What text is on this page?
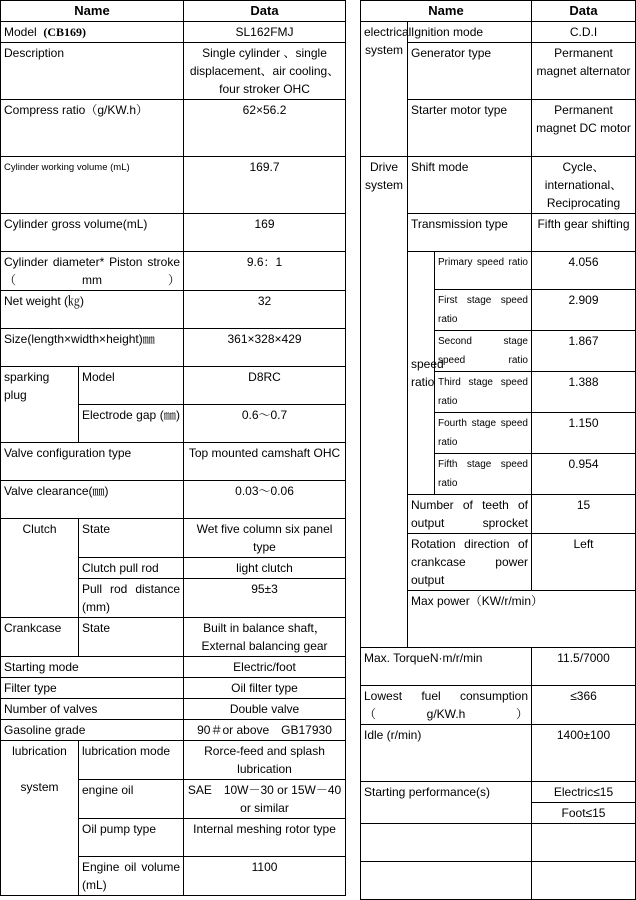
Name		Data
Model (CB169)		SL162FMJ
Description		Single cylinder 、single displacement、air cooling、four stroker OHC
Compress ratio（g/KW.h）		62×56.2
Cylinder working volume (mL)		169.7
Cylinder gross volume(mL)		169
Cylinder diameter* Piston stroke（mm）		9.6：1
Net weight (㎏)		32
Size(length×width×height)㎜		361×328×429
sparking plug	Model	D8RC
	Electrode gap (㎜)	0.6～0.7
Valve configuration type		Top mounted camshaft OHC
Valve clearance(㎜)		0.03～0.06
Clutch	State	Wet five column six panel type
	Clutch pull rod	light clutch
	Pull rod distance (mm)	95±3
Crankcase	State	Built in balance shaft，External balancing gear
Starting mode		Electric/foot
Filter type		Oil filter type
Number of valves		Double valve
Gasoline grade		90＃or above　GB17930
lubrication

system	lubrication mode	Rorce-feed and splash lubrication
	engine oil	SAE　10W－30 or 15W－40 or similar
	Oil pump type	Internal meshing rotor type
	Engine oil volume (mL)	1100
Name			Data	
electrical system	Ignition mode		C.D.I	
	Generator type		Permanent magnet alternator	
	Starter motor type		Permanent magnet DC motor	
Drive system	Shift mode		Cycle、international、Reciprocating	
	Transmission type		Fifth gear shifting	
	speed ratio	Primary speed ratio	4.056	
		First stage speed ratio	2.909	
		Second stage speed ratio	1.867	
		Third stage speed ratio	1.388	
		Fourth stage speed ratio	1.150	
		Fifth stage speed ratio	0.954	
	Number of teeth of output sprocket		15	
	Rotation direction of crankcase power output		Left	
	Max power（KW/r/min）	
Max. TorqueN·m/r/min			11.5/7000	
Lowest fuel consumption （g/KW.h）			≤366	
Idle (r/min)			1400±100	
Starting performance(s)			Electric≤15
Foot≤15	
